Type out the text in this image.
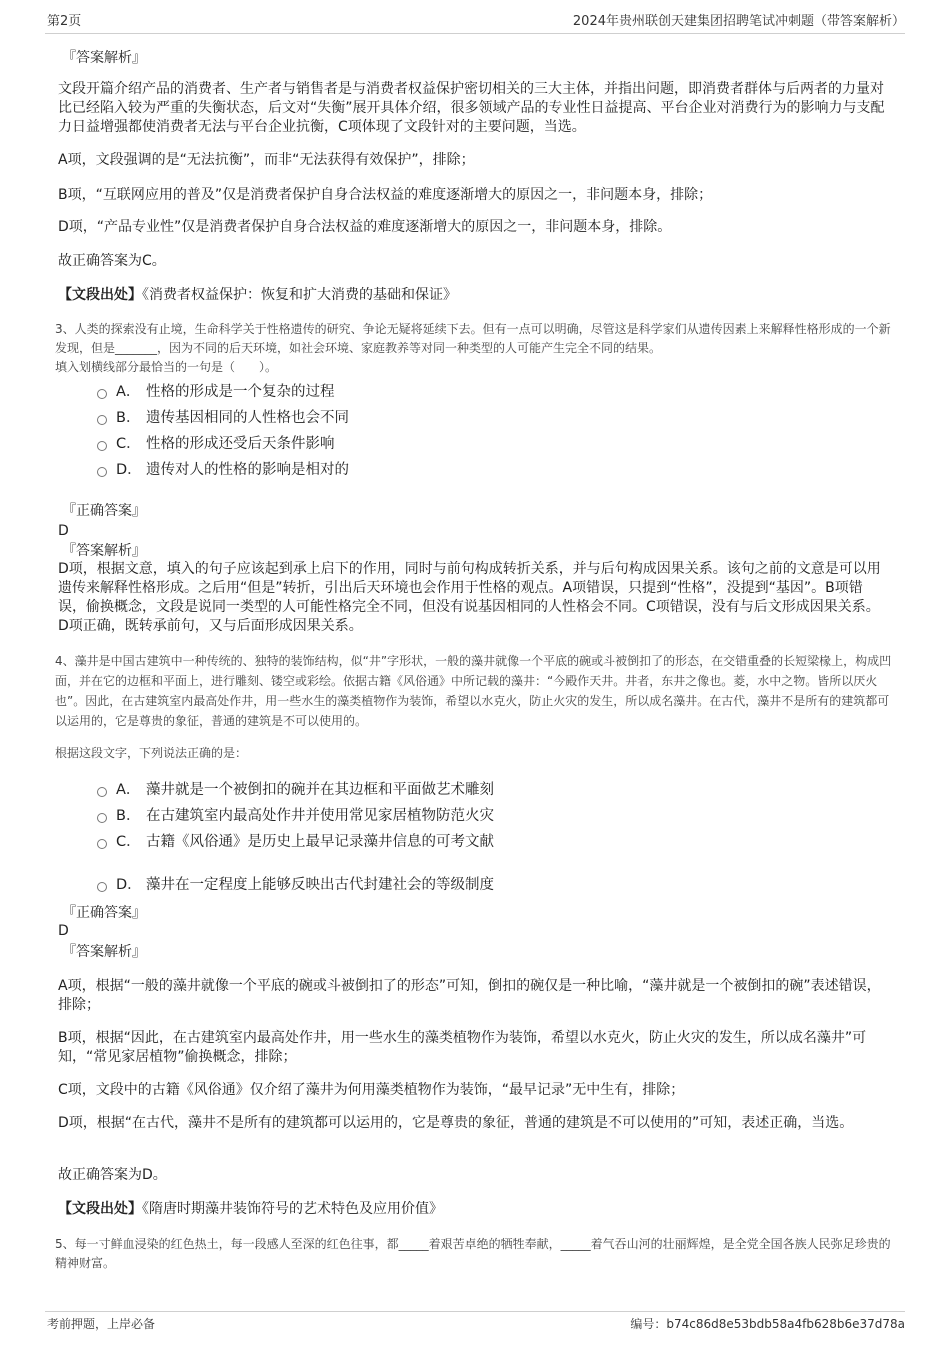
第2页	2024年贵州联创天建集团招聘笔试冲刺题（带答案解析）
『答案解析』
文段开篇介绍产品的消费者、生产者与销售者是与消费者权益保护密切相关的三大主体，并指出问题，即消费者群体与后两者的力量对比已经陷入较为严重的失衡状态，后文对“失衡”展开具体介绍，很多领域产品的专业性日益提高、平台企业对消费行为的影响力与支配力日益增强都使消费者无法与平台企业抗衡，C项体现了文段针对的主要问题，当选。
A项，文段强调的是“无法抗衡”，而非“无法获得有效保护”，排除；
B项，“互联网应用的普及”仅是消费者保护自身合法权益的难度逐渐增大的原因之一，非问题本身，排除；
D项，“产品专业性”仅是消费者保护自身合法权益的难度逐渐增大的原因之一，非问题本身，排除。
故正确答案为C。
【文段出处】《消费者权益保护：恢复和扩大消费的基础和保证》
3、人类的探索没有止境，生命科学关于性格遗传的研究、争论无疑将延续下去。但有一点可以明确，尽管这是科学家们从遗传因素上来解释性格形成的一个新发现，但是_______，因为不同的后天环境，如社会环境、家庭教养等对同一种类型的人可能产生完全不同的结果。
填入划横线部分最恰当的一句是（　　）。
A． 性格的形成是一个复杂的过程
B． 遗传基因相同的人性格也会不同
C． 性格的形成还受后天条件影响
D． 遗传对人的性格的影响是相对的
『正确答案』
D
『答案解析』
D项，根据文意，填入的句子应该起到承上启下的作用，同时与前句构成转折关系，并与后句构成因果关系。该句之前的文意是可以用遗传来解释性格形成。之后用“但是”转折，引出后天环境也会作用于性格的观点。A项错误，只提到“性格”，没提到“基因”。B项错误，偷换概念，文段是说同一类型的人可能性格完全不同，但没有说基因相同的人性格会不同。C项错误，没有与后文形成因果关系。D项正确，既转承前句，又与后面形成因果关系。
4、藻井是中国古建筑中一种传统的、独特的装饰结构，似“井”字形状，一般的藻井就像一个平底的碗或斗被倒扣了的形态，在交错重叠的长短梁椽上，构成凹面，并在它的边框和平面上，进行雕刻、镂空或彩绘。依据古籍《风俗通》中所记载的藻井：“今殿作天井。井者，东井之像也。菱，水中之物。皆所以厌火也”。因此，在古建筑室内最高处作井，用一些水生的藻类植物作为装饰，希望以水克火，防止火灾的发生，所以成名藻井。在古代，藻井不是所有的建筑都可以运用的，它是尊贵的象征，普通的建筑是不可以使用的。
根据这段文字，下列说法正确的是：
A． 藻井就是一个被倒扣的碗并在其边框和平面做艺术雕刻
B． 在古建筑室内最高处作井并使用常见家居植物防范火灾
C． 古籍《风俗通》是历史上最早记录藻井信息的可考文献
D． 藻井在一定程度上能够反映出古代封建社会的等级制度
『正确答案』
D
『答案解析』
A项，根据“一般的藻井就像一个平底的碗或斗被倒扣了的形态”可知，倒扣的碗仅是一种比喻，“藻井就是一个被倒扣的碗”表述错误，排除；
B项，根据“因此，在古建筑室内最高处作井，用一些水生的藻类植物作为装饰，希望以水克火，防止火灾的发生，所以成名藻井”可知，“常见家居植物”偷换概念，排除；
C项，文段中的古籍《风俗通》仅介绍了藻井为何用藻类植物作为装饰，“最早记录”无中生有，排除；
D项，根据“在古代，藻井不是所有的建筑都可以运用的，它是尊贵的象征，普通的建筑是不可以使用的”可知，表述正确，当选。
故正确答案为D。
【文段出处】《隋唐时期藻井装饰符号的艺术特色及应用价值》
5、每一寸鲜血浸染的红色热土，每一段感人至深的红色往事，都_____着艰苦卓绝的牺牲奉献，_____着气吞山河的壮丽辉煌，是全党全国各族人民弥足珍贵的精神财富。
考前押题，上岸必备	编号：b74c86d8e53bdb58a4fb628b6e37d78a
